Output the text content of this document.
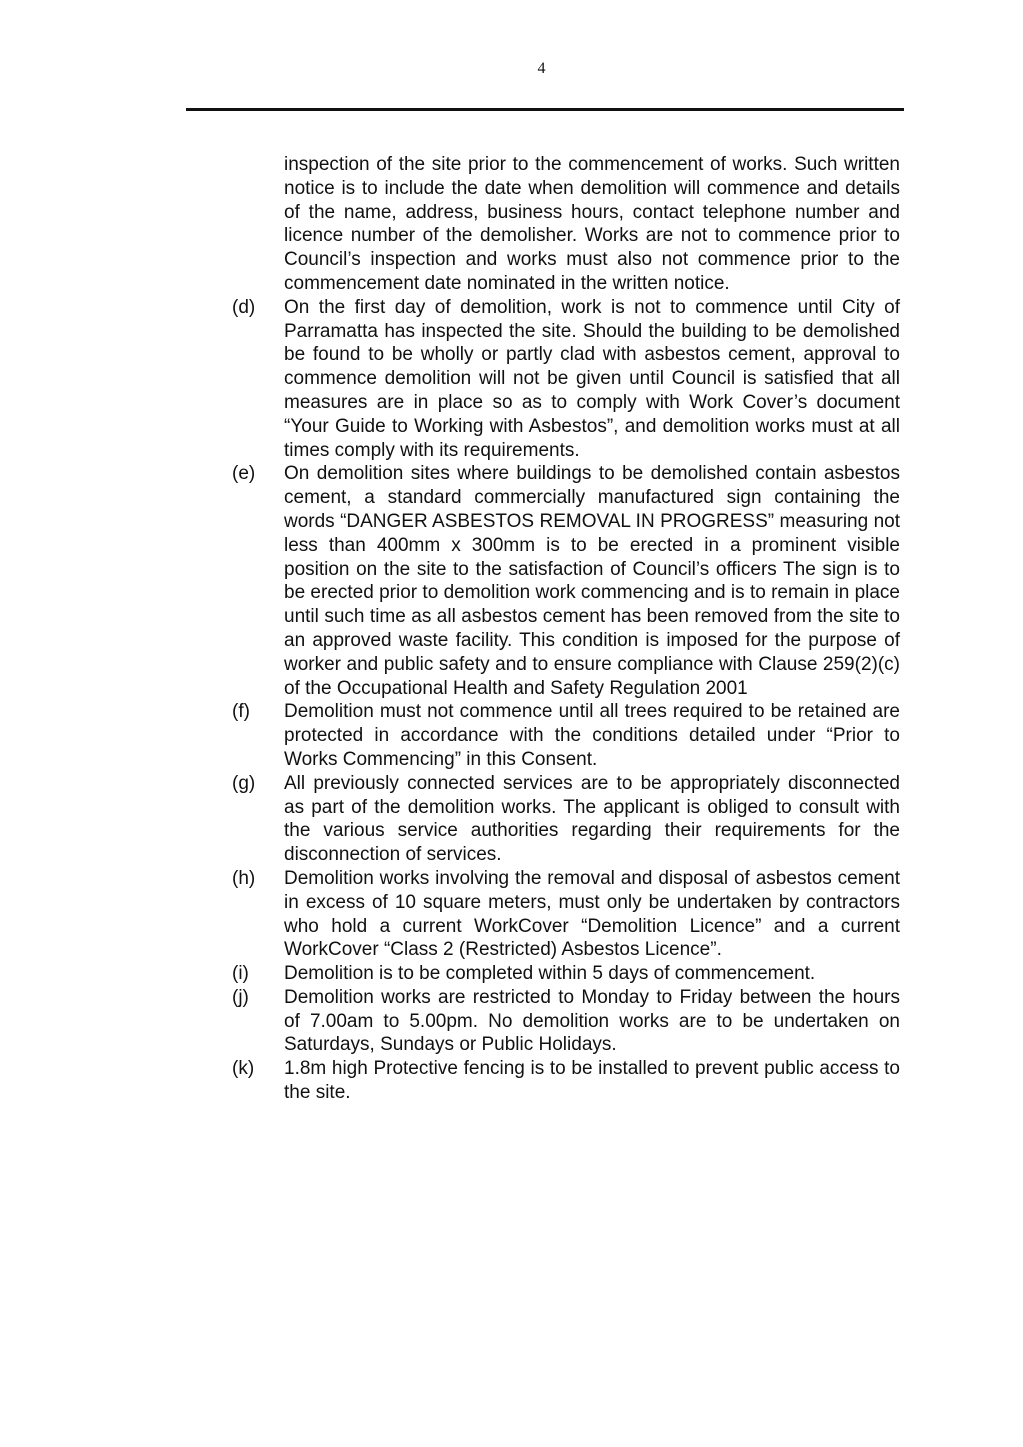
4
inspection of the site prior to the commencement of works. Such written notice is to include the date when demolition will commence and details of the name, address, business hours, contact telephone number and licence number of the demolisher. Works are not to commence prior to Council’s inspection and works must also not commence prior to the commencement date nominated in the written notice.
(d)	On the first day of demolition, work is not to commence until City of Parramatta has inspected the site. Should the building to be demolished be found to be wholly or partly clad with asbestos cement, approval to commence demolition will not be given until Council is satisfied that all measures are in place so as to comply with Work Cover’s document “Your Guide to Working with Asbestos”, and demolition works must at all times comply with its requirements.
(e)	On demolition sites where buildings to be demolished contain asbestos cement, a standard commercially manufactured sign containing the words “DANGER ASBESTOS REMOVAL IN PROGRESS” measuring not less than 400mm x 300mm is to be erected in a prominent visible position on the site to the satisfaction of Council’s officers The sign is to be erected prior to demolition work commencing and is to remain in place until such time as all asbestos cement has been removed from the site to an approved waste facility. This condition is imposed for the purpose of worker and public safety and to ensure compliance with Clause 259(2)(c) of the Occupational Health and Safety Regulation 2001
(f)	Demolition must not commence until all trees required to be retained are protected in accordance with the conditions detailed under “Prior to Works Commencing” in this Consent.
(g)	All previously connected services are to be appropriately disconnected as part of the demolition works. The applicant is obliged to consult with the various service authorities regarding their requirements for the disconnection of services.
(h)	Demolition works involving the removal and disposal of asbestos cement in excess of 10 square meters, must only be undertaken by contractors who hold a current WorkCover “Demolition Licence” and a current WorkCover “Class 2 (Restricted) Asbestos Licence”.
(i)	Demolition is to be completed within 5 days of commencement.
(j)	Demolition works are restricted to Monday to Friday between the hours of 7.00am to 5.00pm. No demolition works are to be undertaken on Saturdays, Sundays or Public Holidays.
(k)	1.8m high Protective fencing is to be installed to prevent public access to the site.
